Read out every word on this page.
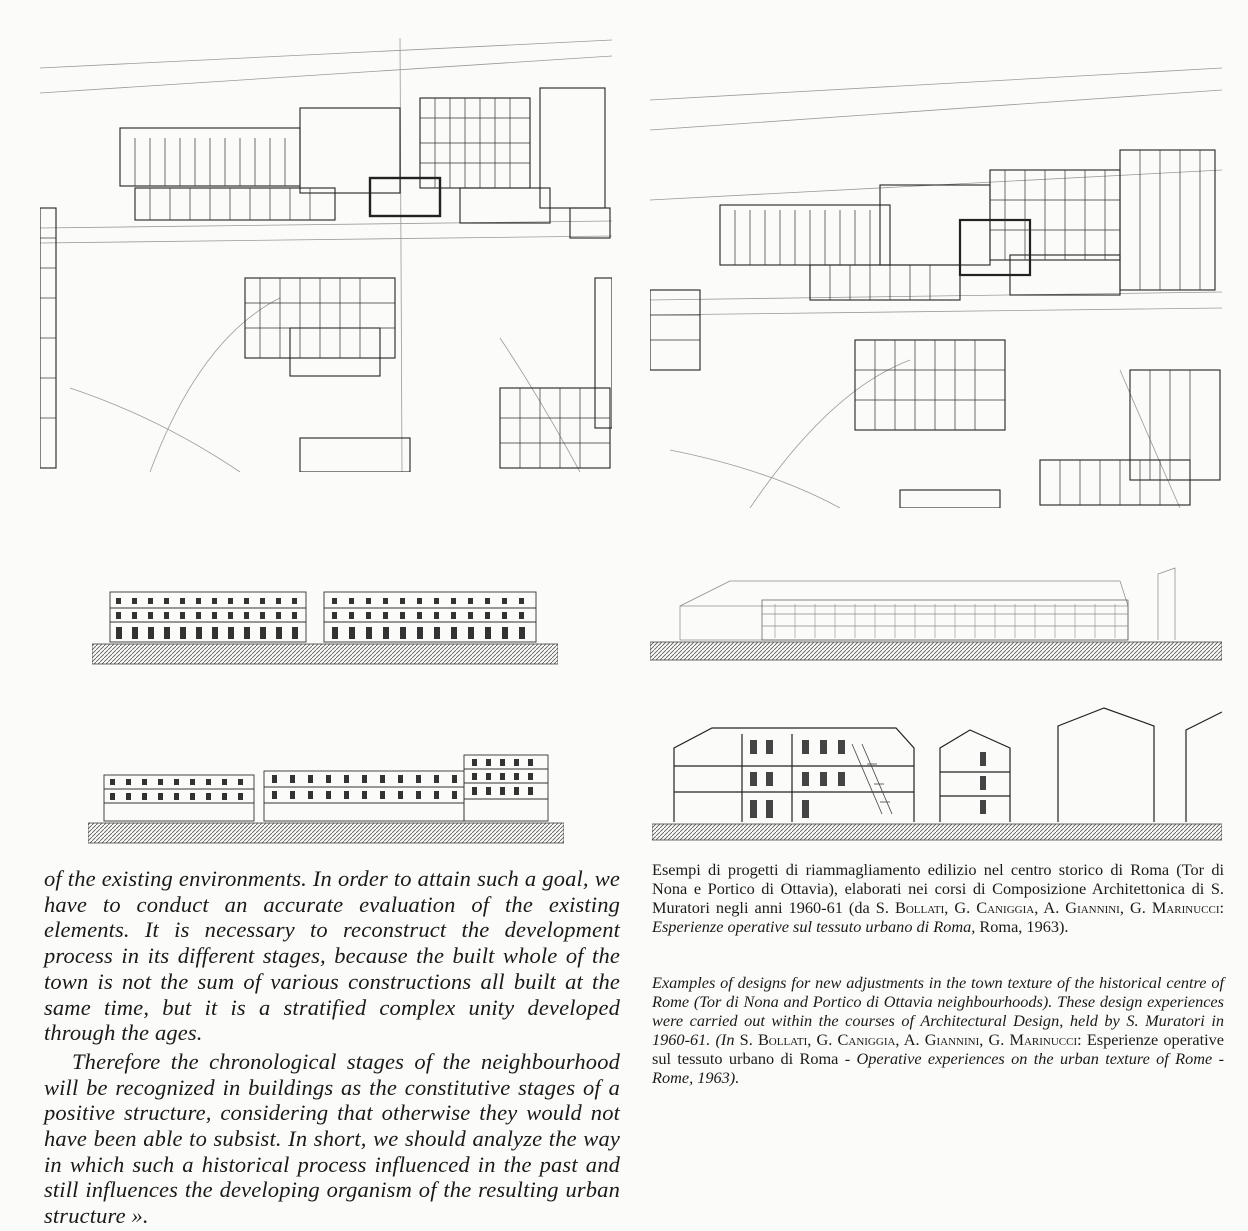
of the existing environments. In order to attain such a goal, we have to conduct an accurate evaluation of the existing elements. It is necessary to reconstruct the development process in its different stages, because the built whole of the town is not the sum of various constructions all built at the same time, but it is a stratified complex unity developed through the ages.

Therefore the chronological stages of the neighbourhood will be recognized in buildings as the constitutive stages of a positive structure, considering that otherwise they would not have been able to subsist. In short, we should analyze the way in which such a historical process influenced in the past and still influences the developing organism of the resulting urban structure ».

Esempi di progetti di riammagliamento edilizio nel centro storico di Roma (Tor di Nona e Portico di Ottavia), elaborati nei corsi di Composizione Architettonica di S. Muratori negli anni 1960-61 (da S. Bollati, G. Caniggia, A. Giannini, G. Marinucci: Esperienze operative sul tessuto urbano di Roma, Roma, 1963).

Examples of designs for new adjustments in the town texture of the historical centre of Rome (Tor di Nona and Portico di Ottavia neighbourhoods). These design experiences were carried out within the courses of Architectural Design, held by S. Muratori in 1960-61. (In S. Bollati, G. Caniggia, A. Giannini, G. Marinucci: Esperienze operative sul tessuto urbano di Roma - Operative experiences on the urban texture of Rome - Rome, 1963).
